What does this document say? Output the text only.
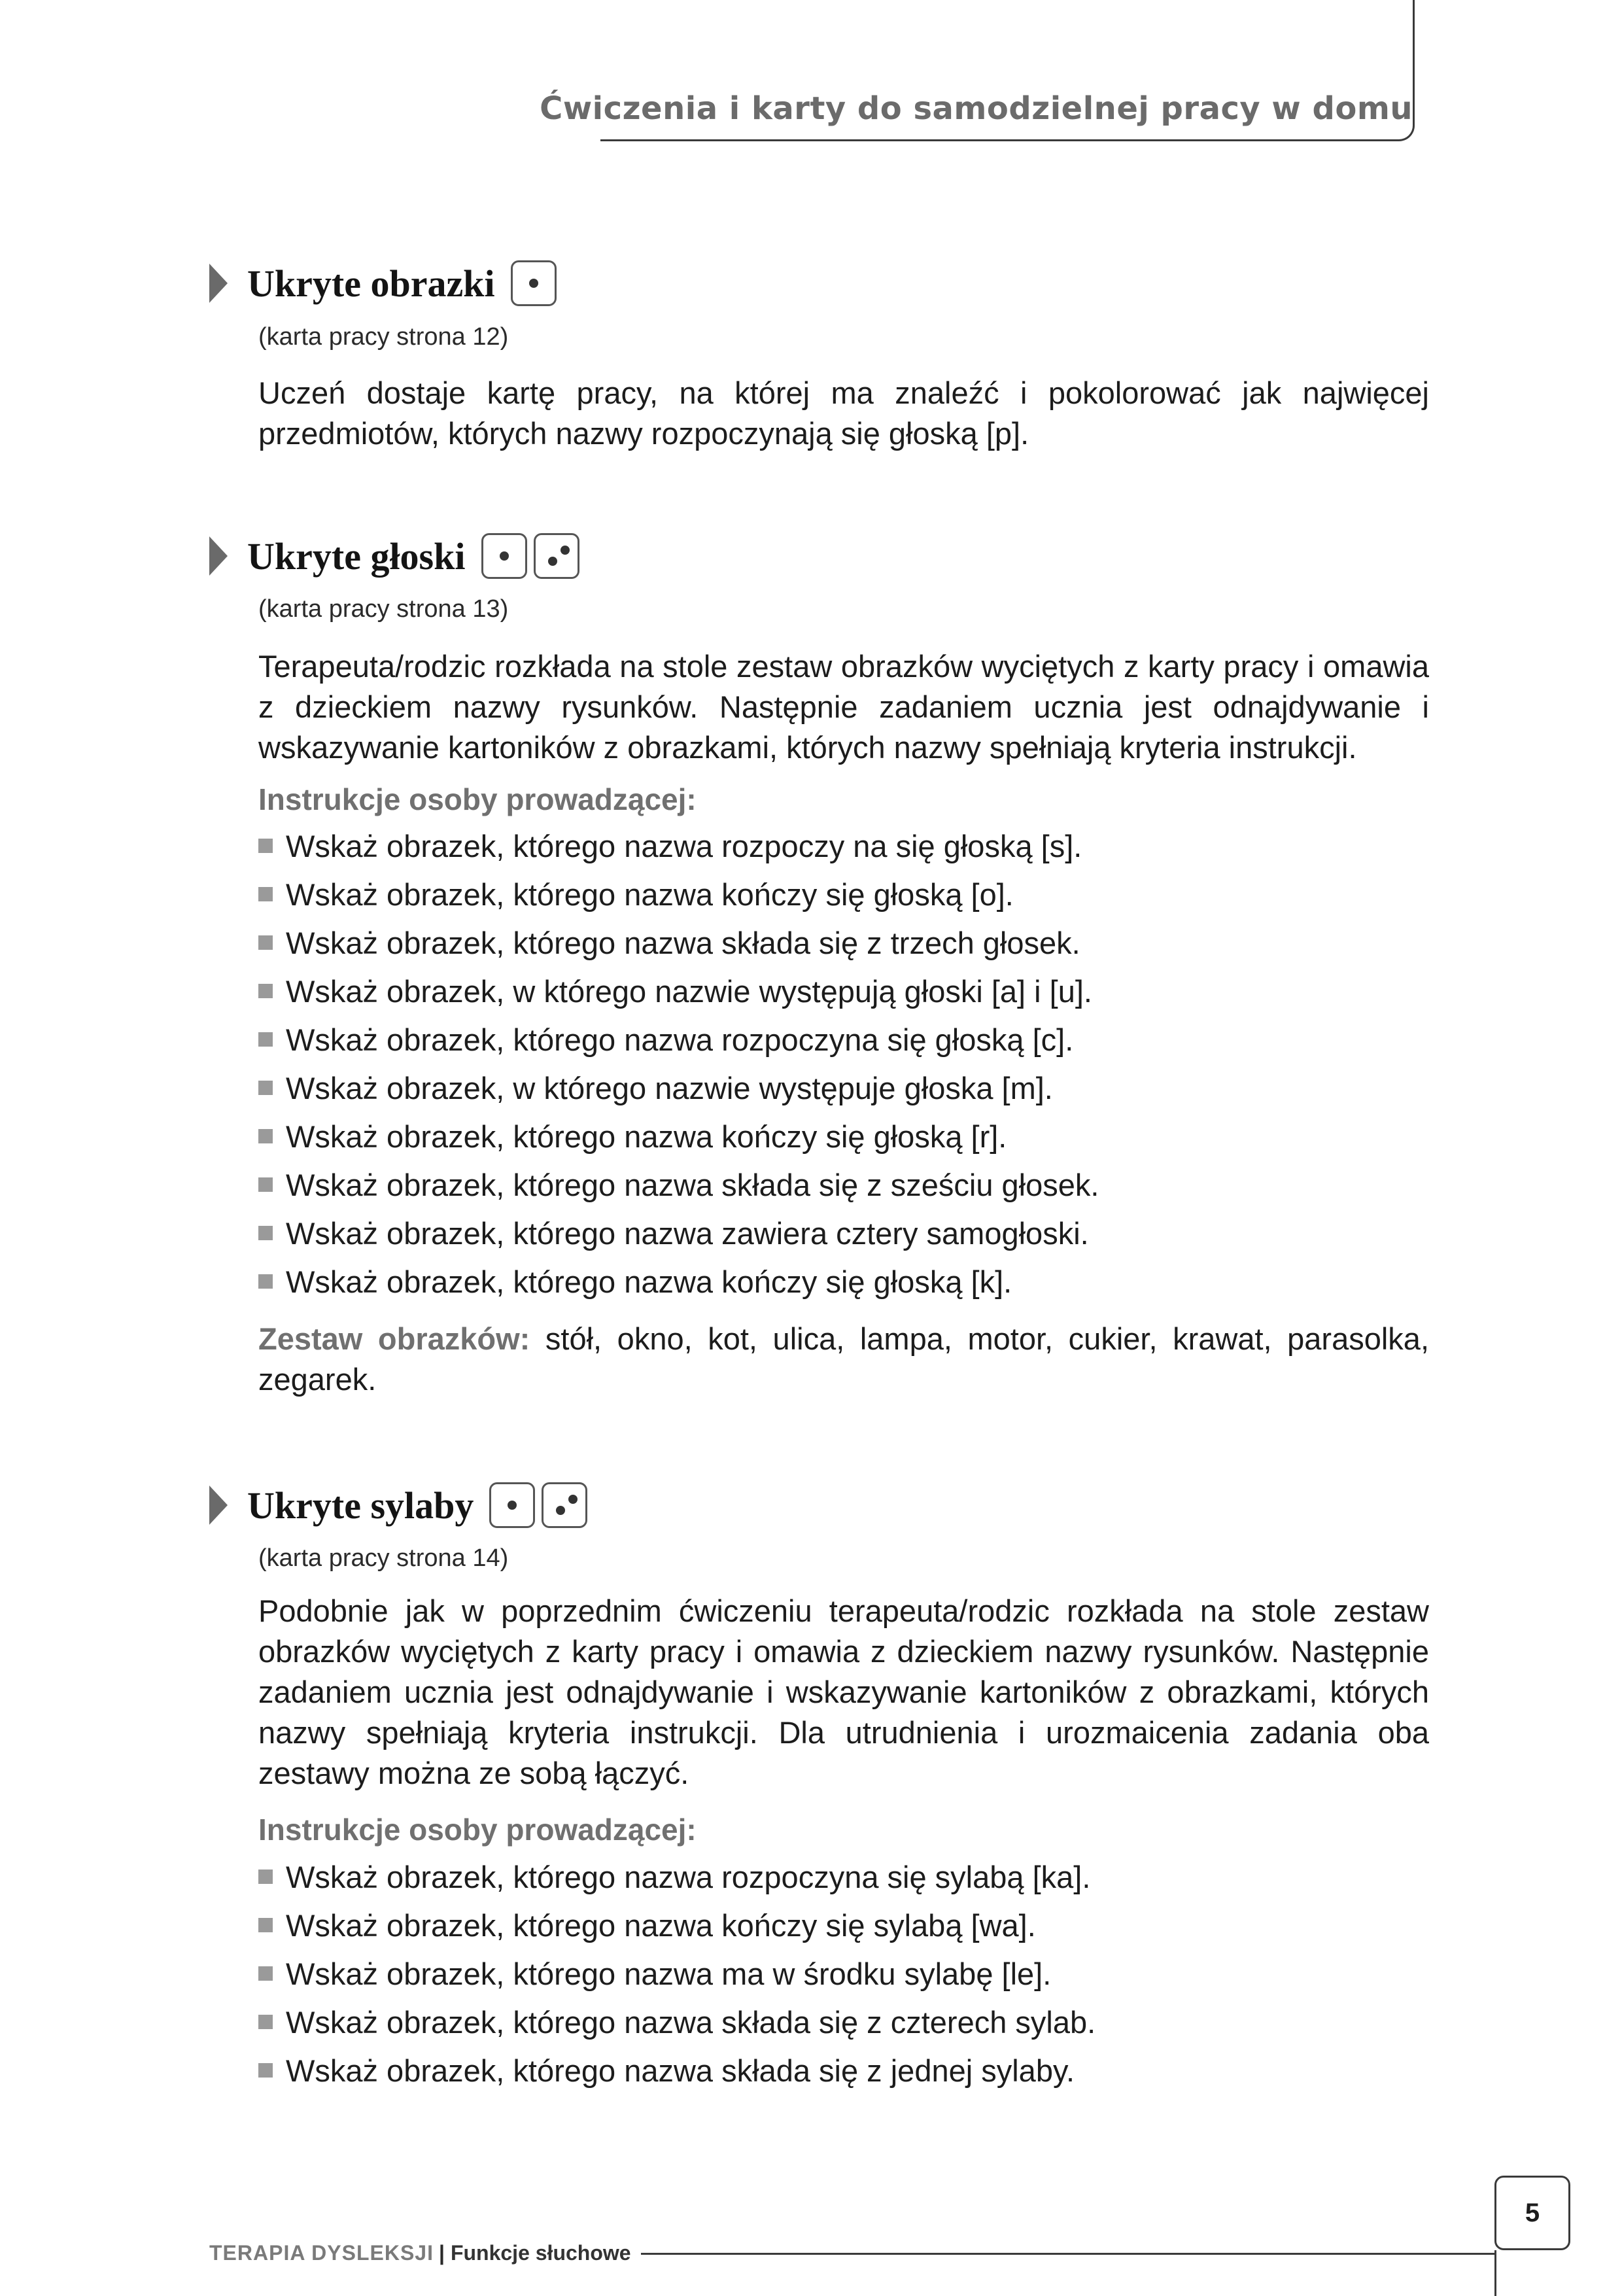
Ćwiczenia i karty do samodzielnej pracy w domu
Ukryte obrazki
(karta pracy strona 12)

Uczeń dostaje kartę pracy, na której ma znaleźć i pokolorować jak najwięcej przedmiotów, których nazwy rozpoczynają się głoską [p].

Ukryte głoski
(karta pracy strona 13)

Terapeuta/rodzic rozkłada na stole zestaw obrazków wyciętych z karty pracy i omawia z dzieckiem nazwy rysunków. Następnie zadaniem ucznia jest odnajdywanie i wskazywanie kartoników z obrazkami, których nazwy spełniają kryteria instrukcji.

Instrukcje osoby prowadzącej:
Wskaż obrazek, którego nazwa rozpoczy na się głoską [s].
Wskaż obrazek, którego nazwa kończy się głoską [o].
Wskaż obrazek, którego nazwa składa się z trzech głosek.
Wskaż obrazek, w którego nazwie występują głoski [a] i [u].
Wskaż obrazek, którego nazwa rozpoczyna się głoską [c].
Wskaż obrazek, w którego nazwie występuje głoska [m].
Wskaż obrazek, którego nazwa kończy się głoską [r].
Wskaż obrazek, którego nazwa składa się z sześciu głosek.
Wskaż obrazek, którego nazwa zawiera cztery samogłoski.
Wskaż obrazek, którego nazwa kończy się głoską [k].

Zestaw obrazków: stół, okno, kot, ulica, lampa, motor, cukier, krawat, parasolka, zegarek.

Ukryte sylaby
(karta pracy strona 14)

Podobnie jak w poprzednim ćwiczeniu terapeuta/rodzic rozkłada na stole zestaw obrazków wyciętych z karty pracy i omawia z dzieckiem nazwy rysunków. Następnie zadaniem ucznia jest odnajdywanie i wskazywanie kartoników z obrazkami, których nazwy spełniają kryteria instrukcji. Dla utrudnienia i urozmaicenia zadania oba zestawy można ze sobą łączyć.

Instrukcje osoby prowadzącej:
Wskaż obrazek, którego nazwa rozpoczyna się sylabą [ka].
Wskaż obrazek, którego nazwa kończy się sylabą [wa].
Wskaż obrazek, którego nazwa ma w środku sylabę [le].
Wskaż obrazek, którego nazwa składa się z czterech sylab.
Wskaż obrazek, którego nazwa składa się z jednej sylaby.
TERAPIA DYSLEKSJI | Funkcje słuchowe
5
